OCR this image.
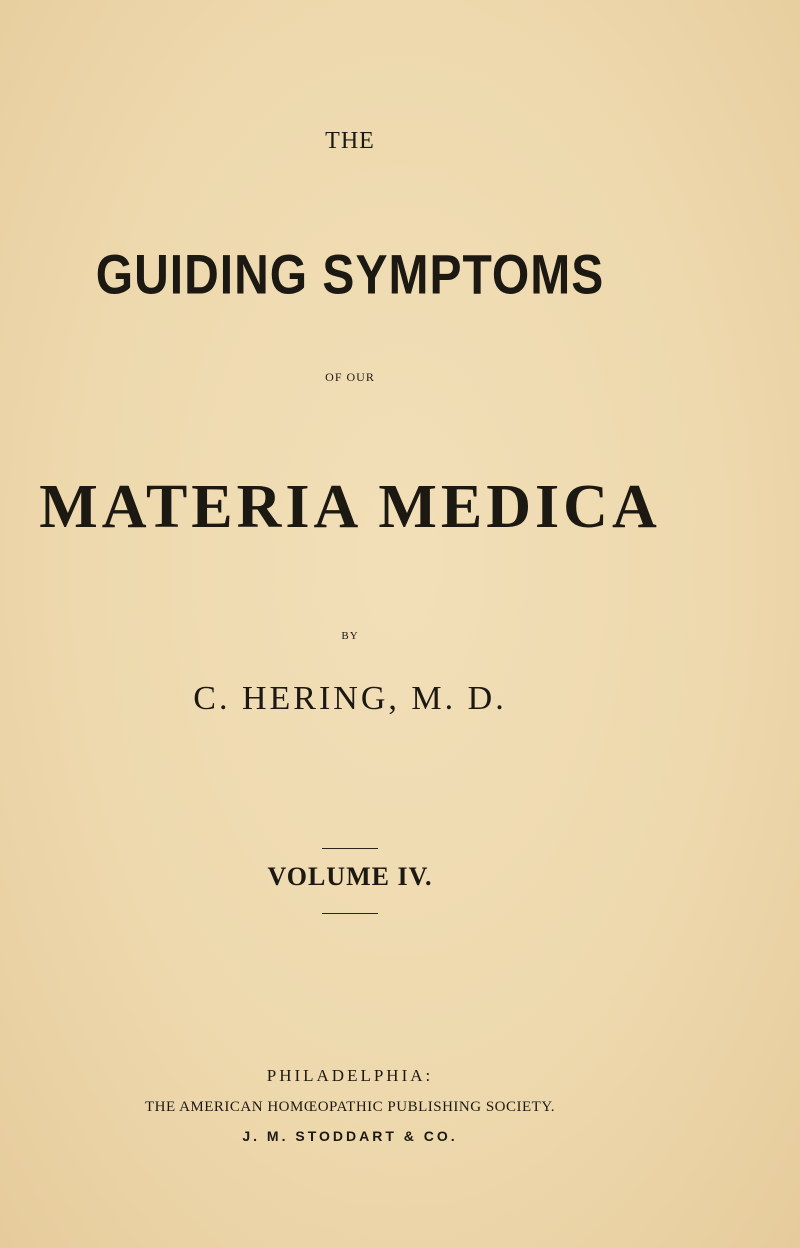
THE
GUIDING SYMPTOMS
OF OUR
MATERIA MEDICA
BY
C. HERING, M. D.
VOLUME IV.
PHILADELPHIA:
THE AMERICAN HOMŒOPATHIC PUBLISHING SOCIETY.
J. M. STODDART & CO.
